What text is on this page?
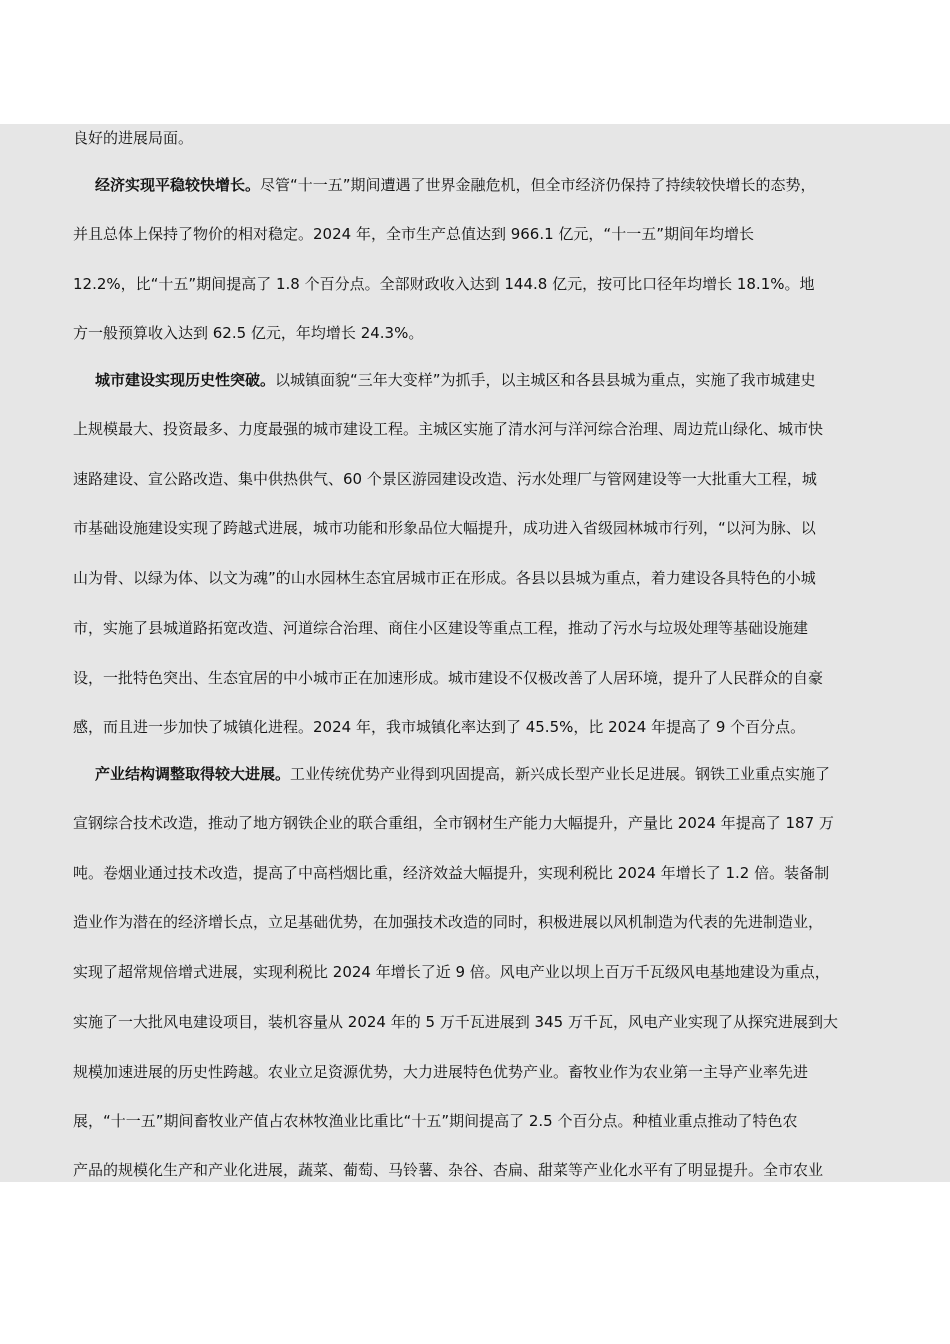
良好的进展局面。
经济实现平稳较快增长。尽管“十一五”期间遭遇了世界金融危机，但全市经济仍保持了持续较快增长的态势，
并且总体上保持了物价的相对稳定。2024 年，全市生产总值达到 966.1 亿元，“十一五”期间年均增长
12.2%，比“十五”期间提高了 1.8 个百分点。全部财政收入达到 144.8 亿元，按可比口径年均增长 18.1%。地
方一般预算收入达到 62.5 亿元，年均增长 24.3%。
城市建设实现历史性突破。以城镇面貌“三年大变样”为抓手，以主城区和各县县城为重点，实施了我市城建史
上规模最大、投资最多、力度最强的城市建设工程。主城区实施了清水河与洋河综合治理、周边荒山绿化、城市快
速路建设、宣公路改造、集中供热供气、60 个景区游园建设改造、污水处理厂与管网建设等一大批重大工程，城
市基础设施建设实现了跨越式进展，城市功能和形象品位大幅提升，成功进入省级园林城市行列，“以河为脉、以
山为骨、以绿为体、以文为魂”的山水园林生态宜居城市正在形成。各县以县城为重点，着力建设各具特色的小城
市，实施了县城道路拓宽改造、河道综合治理、商住小区建设等重点工程，推动了污水与垃圾处理等基础设施建
设，一批特色突出、生态宜居的中小城市正在加速形成。城市建设不仅极改善了人居环境，提升了人民群众的自豪
感，而且进一步加快了城镇化进程。2024 年，我市城镇化率达到了 45.5%，比 2024 年提高了 9 个百分点。
产业结构调整取得较大进展。工业传统优势产业得到巩固提高，新兴成长型产业长足进展。钢铁工业重点实施了
宣钢综合技术改造，推动了地方钢铁企业的联合重组，全市钢材生产能力大幅提升，产量比 2024 年提高了 187 万
吨。卷烟业通过技术改造，提高了中高档烟比重，经济效益大幅提升，实现利税比 2024 年增长了 1.2 倍。装备制
造业作为潜在的经济增长点，立足基础优势，在加强技术改造的同时，积极进展以风机制造为代表的先进制造业，
实现了超常规倍增式进展，实现利税比 2024 年增长了近 9 倍。风电产业以坝上百万千瓦级风电基地建设为重点，
实施了一大批风电建设项目，装机容量从 2024 年的 5 万千瓦进展到 345 万千瓦，风电产业实现了从探究进展到大
规模加速进展的历史性跨越。农业立足资源优势，大力进展特色优势产业。畜牧业作为农业第一主导产业率先进
展，“十一五”期间畜牧业产值占农林牧渔业比重比“十五”期间提高了 2.5 个百分点。种植业重点推动了特色农
产品的规模化生产和产业化进展，蔬菜、葡萄、马铃薯、杂谷、杏扁、甜菜等产业化水平有了明显提升。全市农业
